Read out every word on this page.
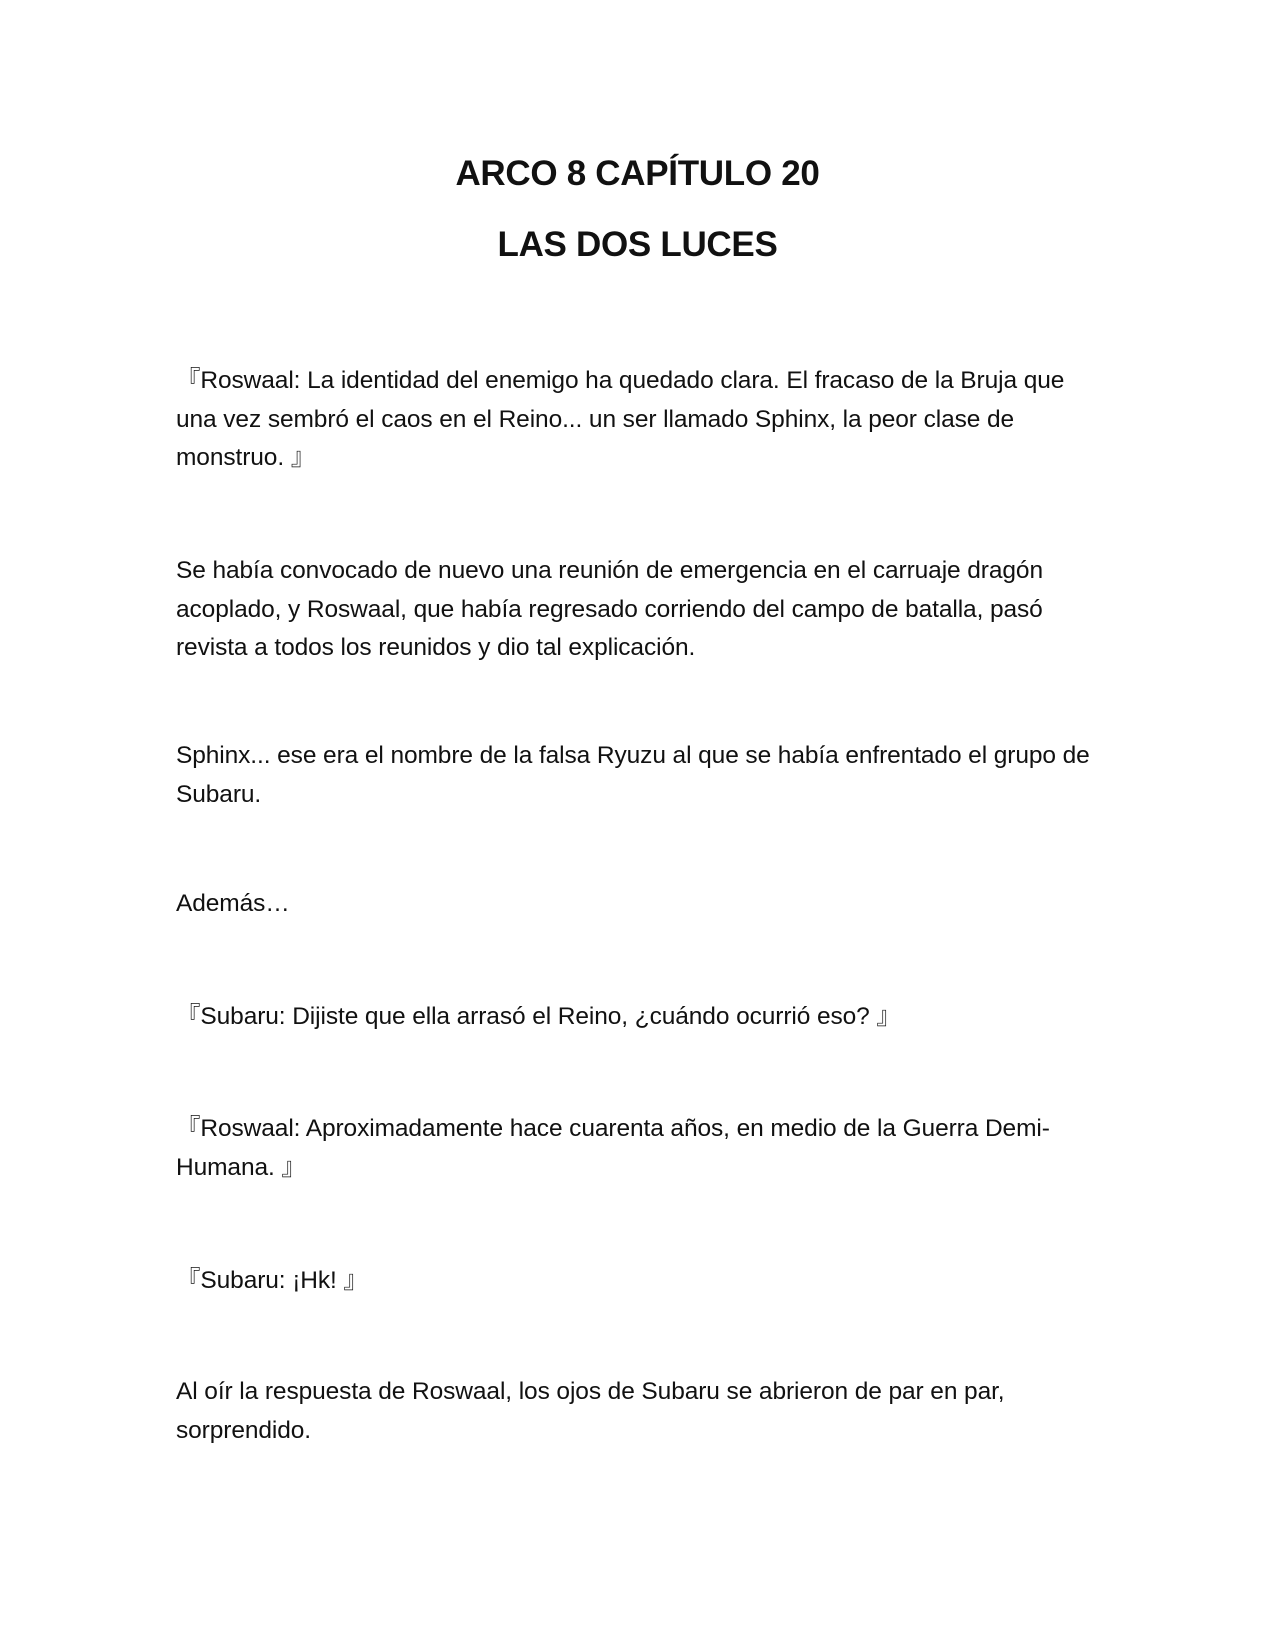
ARCO 8 CAPÍTULO 20
LAS DOS LUCES

『Roswaal: La identidad del enemigo ha quedado clara. El fracaso de la Bruja que una vez sembró el caos en el Reino... un ser llamado Sphinx, la peor clase de monstruo. 』

Se había convocado de nuevo una reunión de emergencia en el carruaje dragón acoplado, y Roswaal, que había regresado corriendo del campo de batalla, pasó revista a todos los reunidos y dio tal explicación.

Sphinx... ese era el nombre de la falsa Ryuzu al que se había enfrentado el grupo de Subaru.

Además…

『Subaru: Dijiste que ella arrasó el Reino, ¿cuándo ocurrió eso? 』

『Roswaal: Aproximadamente hace cuarenta años, en medio de la Guerra Demi-Humana. 』

『Subaru: ¡Hk! 』

Al oír la respuesta de Roswaal, los ojos de Subaru se abrieron de par en par, sorprendido.
